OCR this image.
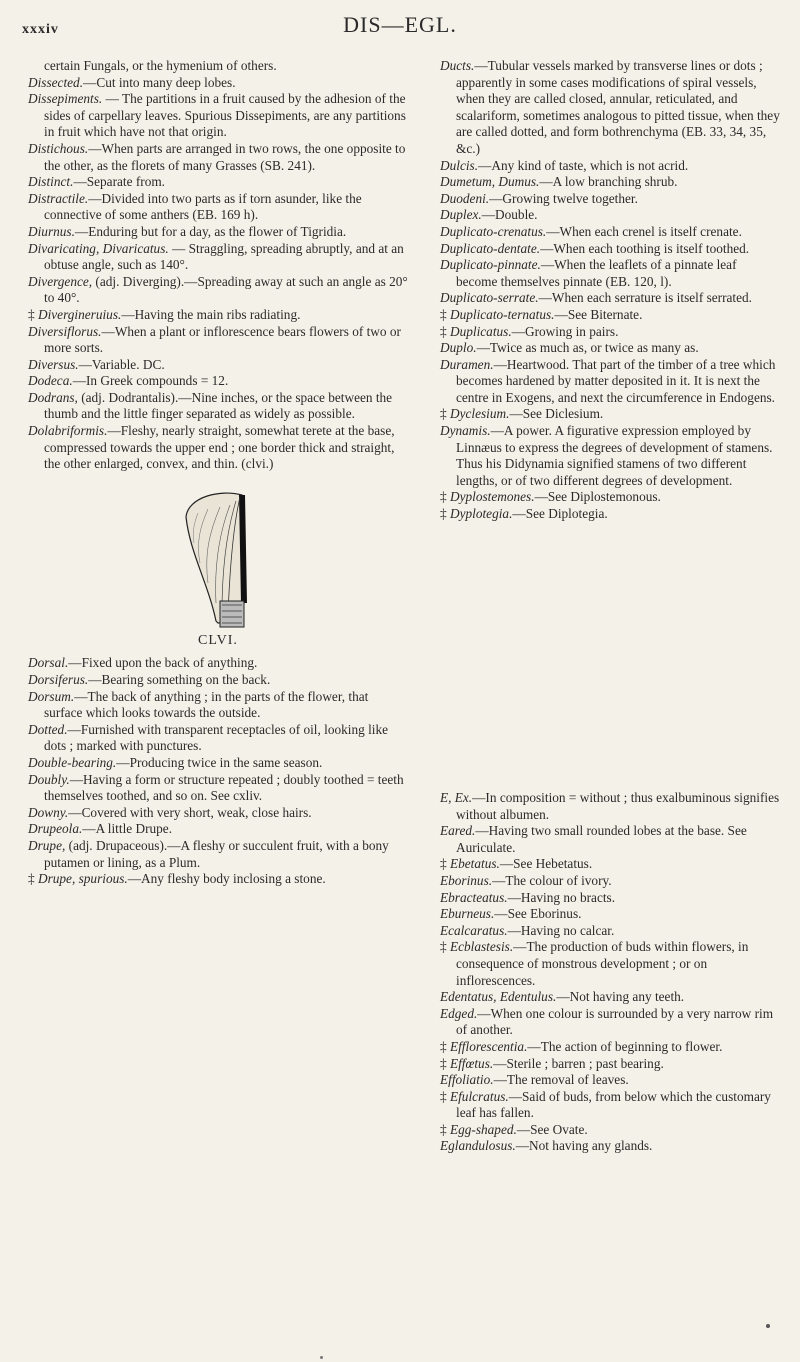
xxxiv	DIS—EGL.

certain Fungals, or the hymenium of others.

Dissected.—Cut into many deep lobes.

Dissepiments. — The partitions in a fruit caused by the adhesion of the sides of carpellary leaves. Spurious Dissepiments, are any partitions in fruit which have not that origin.

Distichous.—When parts are arranged in two rows, the one opposite to the other, as the florets of many Grasses (SB. 241).

Distinct.—Separate from.

Distractile.—Divided into two parts as if torn asunder, like the connective of some anthers (EB. 169 h).

Diurnus.—Enduring but for a day, as the flower of Tigridia.

Divaricating, Divaricatus. — Straggling, spreading abruptly, and at an obtuse angle, such as 140°.

Divergence, (adj. Diverging).—Spreading away at such an angle as 20° to 40°.

‡ Divergineruius.—Having the main ribs radiating.

Diversiflorus.—When a plant or inflorescence bears flowers of two or more sorts.

Diversus.—Variable. DC.

Dodeca.—In Greek compounds = 12.

Dodrans, (adj. Dodrantalis).—Nine inches, or the space between the thumb and the little finger separated as widely as possible.

Dolabriformis.—Fleshy, nearly straight, somewhat terete at the base, compressed towards the upper end ; one border thick and straight, the other enlarged, convex, and thin. (clvi.)

CLVI.

Dorsal.—Fixed upon the back of anything.

Dorsiferus.—Bearing something on the back.

Dorsum.—The back of anything ; in the parts of the flower, that surface which looks towards the outside.

Dotted.—Furnished with transparent receptacles of oil, looking like dots ; marked with punctures.

Double-bearing.—Producing twice in the same season.

Doubly.—Having a form or structure repeated ; doubly toothed = teeth themselves toothed, and so on. See cxliv.

Downy.—Covered with very short, weak, close hairs.

Drupeola.—A little Drupe.

Drupe, (adj. Drupaceous).—A fleshy or succulent fruit, with a bony putamen or lining, as a Plum.

‡ Drupe, spurious.—Any fleshy body inclosing a stone.

Ducts.—Tubular vessels marked by transverse lines or dots ; apparently in some cases modifications of spiral vessels, when they are called closed, annular, reticulated, and scalariform, sometimes analogous to pitted tissue, when they are called dotted, and form bothrenchyma (EB. 33, 34, 35, &c.)

Dulcis.—Any kind of taste, which is not acrid.

Dumetum, Dumus.—A low branching shrub.

Duodeni.—Growing twelve together.

Duplex.—Double.

Duplicato-crenatus.—When each crenel is itself crenate.

Duplicato-dentate.—When each toothing is itself toothed.

Duplicato-pinnate.—When the leaflets of a pinnate leaf become themselves pinnate (EB. 120, l).

Duplicato-serrate.—When each serrature is itself serrated.

‡ Duplicato-ternatus.—See Biternate.

‡ Duplicatus.—Growing in pairs.

Duplo.—Twice as much as, or twice as many as.

Duramen.—Heartwood. That part of the timber of a tree which becomes hardened by matter deposited in it. It is next the centre in Exogens, and next the circumference in Endogens.

‡ Dyclesium.—See Diclesium.

Dynamis.—A power. A figurative expression employed by Linnæus to express the degrees of development of stamens. Thus his Didynamia signified stamens of two different lengths, or of two different degrees of development.

‡ Dyplostemones.—See Diplostemonous.

‡ Dyplotegia.—See Diplotegia.

E, Ex.—In composition = without ; thus exalbuminous signifies without albumen.

Eared.—Having two small rounded lobes at the base. See Auriculate.

‡ Ebetatus.—See Hebetatus.

Eborinus.—The colour of ivory.

Ebracteatus.—Having no bracts.

Eburneus.—See Eborinus.

Ecalcaratus.—Having no calcar.

‡ Ecblastesis.—The production of buds within flowers, in consequence of monstrous development ; or on inflorescences.

Edentatus, Edentulus.—Not having any teeth.

Edged.—When one colour is surrounded by a very narrow rim of another.

‡ Efflorescentia.—The action of beginning to flower.

‡ Effœtus.—Sterile ; barren ; past bearing.

Effoliatio.—The removal of leaves.

‡ Efulcratus.—Said of buds, from below which the customary leaf has fallen.

‡ Egg-shaped.—See Ovate.

Eglandulosus.—Not having any glands.
